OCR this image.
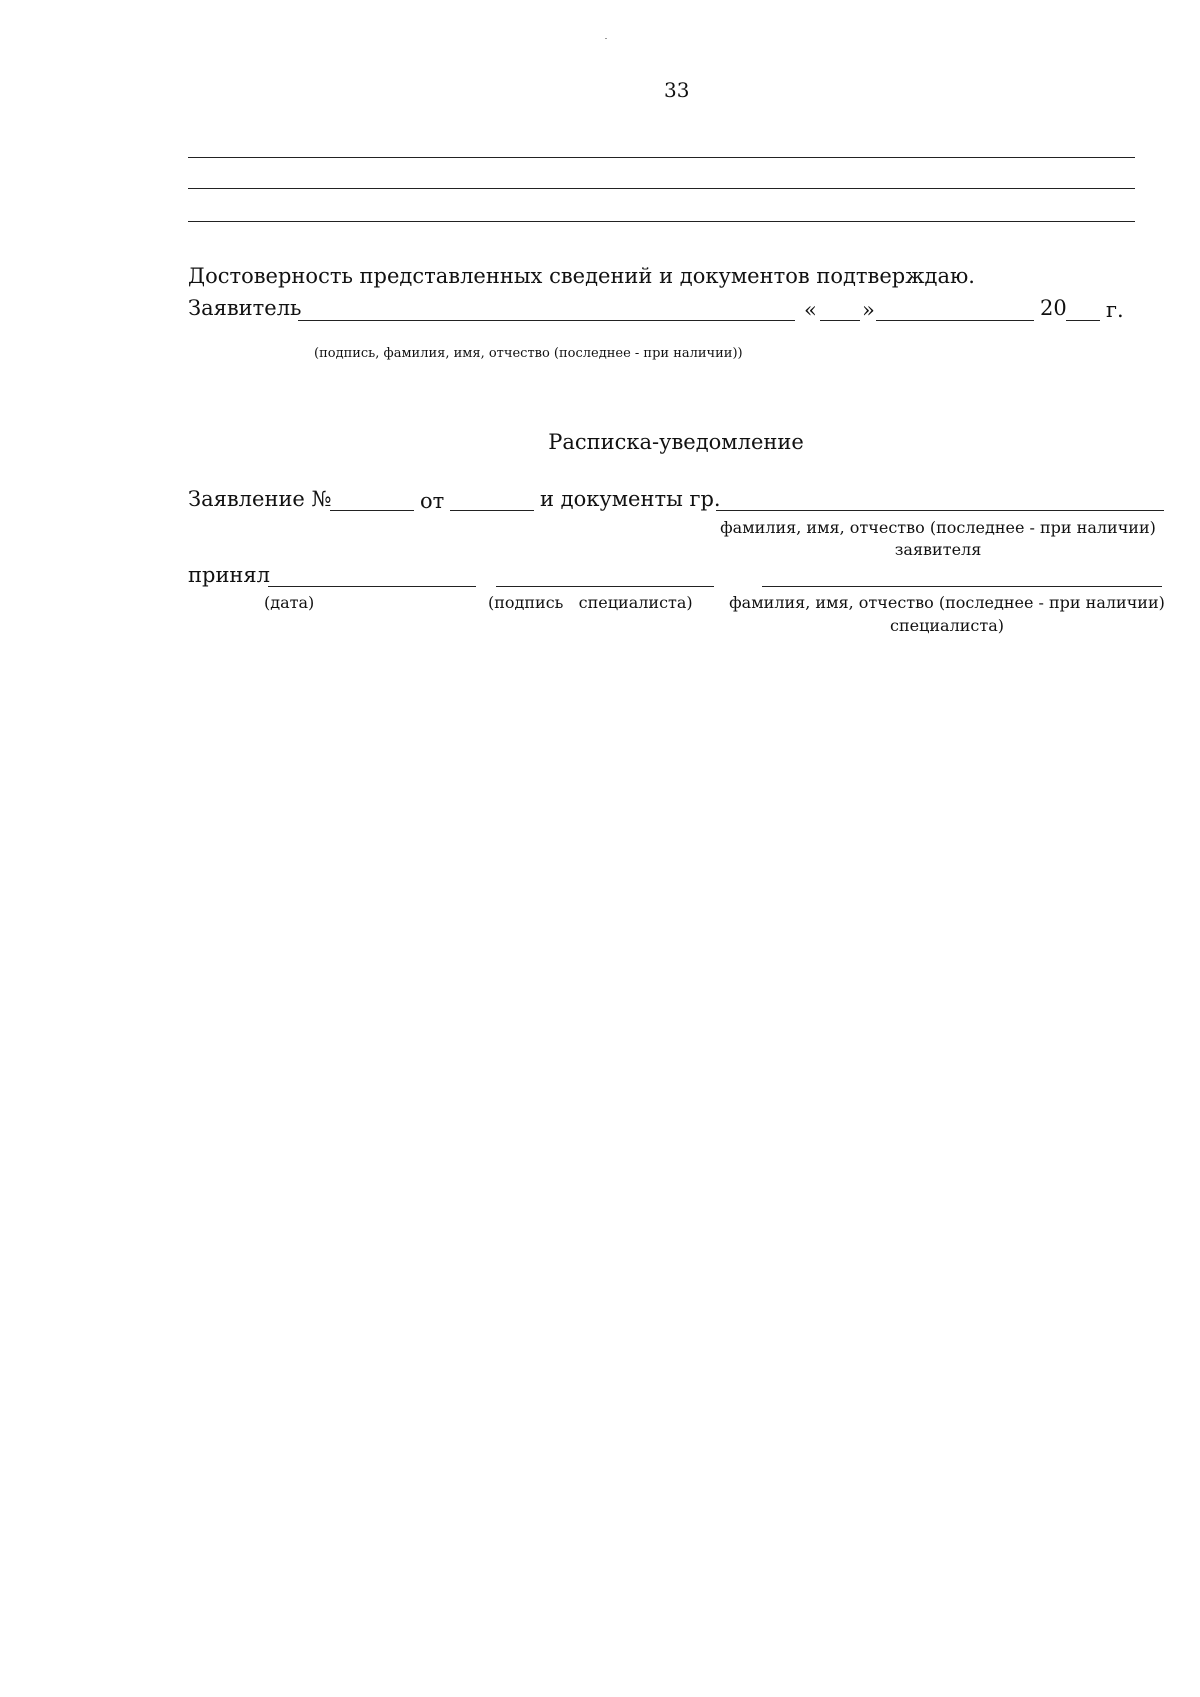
33
Достоверность представленных сведений и документов подтверждаю.
Заявитель	« »	20 г.
(подпись, фамилия, имя, отчество (последнее - при наличии))
Расписка-уведомление
Заявление №	от	и документы гр.
фамилия, имя, отчество (последнее - при наличии)
заявителя
принял
(дата)	(подпись   специалиста)	фамилия, имя, отчество (последнее - при наличии)
специалиста)
